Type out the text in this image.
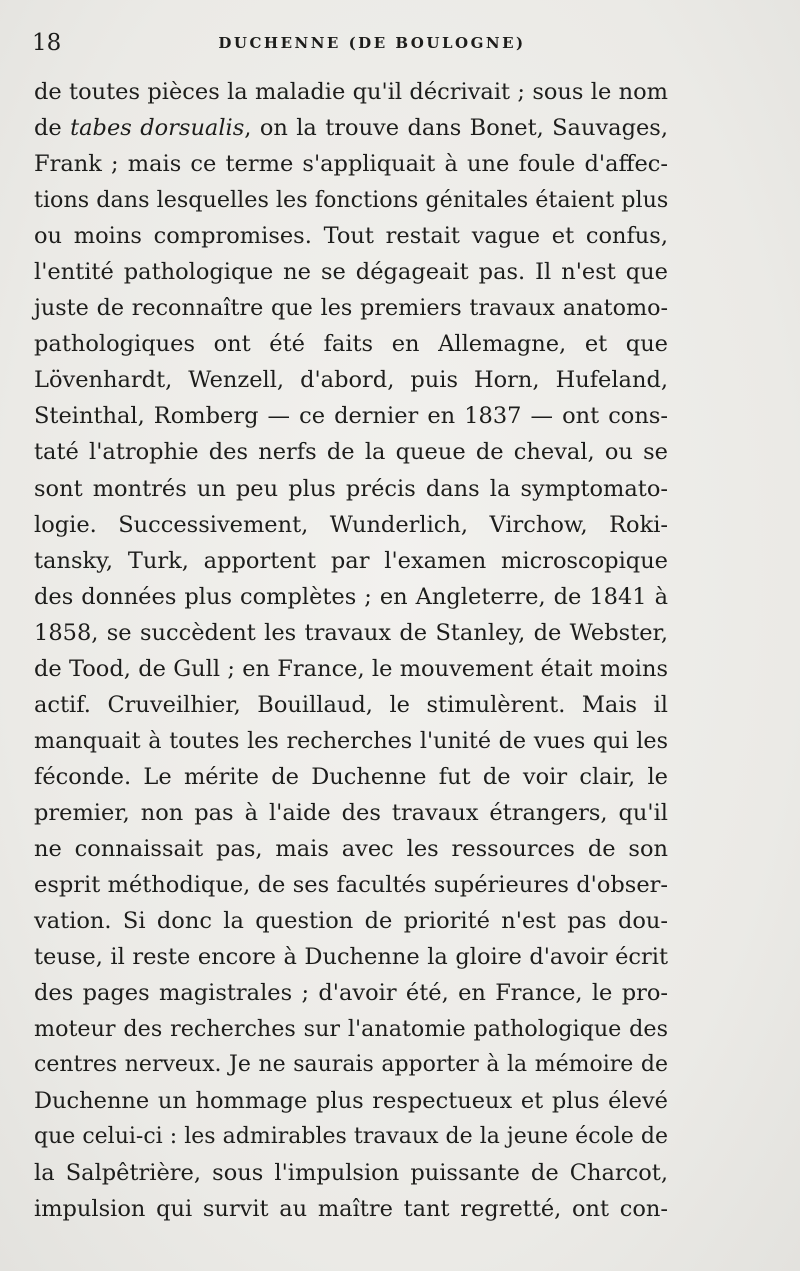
18	DUCHENNE (DE BOULOGNE)
de toutes pièces la maladie qu'il décrivait ; sous le nom
de tabes dorsualis, on la trouve dans Bonet, Sauvages,
Frank ; mais ce terme s'appliquait à une foule d'affec-
tions dans lesquelles les fonctions génitales étaient plus
ou moins compromises. Tout restait vague et confus,
l'entité pathologique ne se dégageait pas. Il n'est que
juste de reconnaître que les premiers travaux anatomo-
pathologiques ont été faits en Allemagne, et que
Lövenhardt, Wenzell, d'abord, puis Horn, Hufeland,
Steinthal, Romberg — ce dernier en 1837 — ont cons-
taté l'atrophie des nerfs de la queue de cheval, ou se
sont montrés un peu plus précis dans la symptomato-
logie. Successivement, Wunderlich, Virchow, Roki-
tansky, Turk, apportent par l'examen microscopique
des données plus complètes ; en Angleterre, de 1841 à
1858, se succèdent les travaux de Stanley, de Webster,
de Tood, de Gull ; en France, le mouvement était moins
actif. Cruveilhier, Bouillaud, le stimulèrent. Mais il
manquait à toutes les recherches l'unité de vues qui les
féconde. Le mérite de Duchenne fut de voir clair, le
premier, non pas à l'aide des travaux étrangers, qu'il
ne connaissait pas, mais avec les ressources de son
esprit méthodique, de ses facultés supérieures d'obser-
vation. Si donc la question de priorité n'est pas dou-
teuse, il reste encore à Duchenne la gloire d'avoir écrit
des pages magistrales ; d'avoir été, en France, le pro-
moteur des recherches sur l'anatomie pathologique des
centres nerveux. Je ne saurais apporter à la mémoire de
Duchenne un hommage plus respectueux et plus élevé
que celui-ci : les admirables travaux de la jeune école de
la Salpêtrière, sous l'impulsion puissante de Charcot,
impulsion qui survit au maître tant regretté, ont con-
